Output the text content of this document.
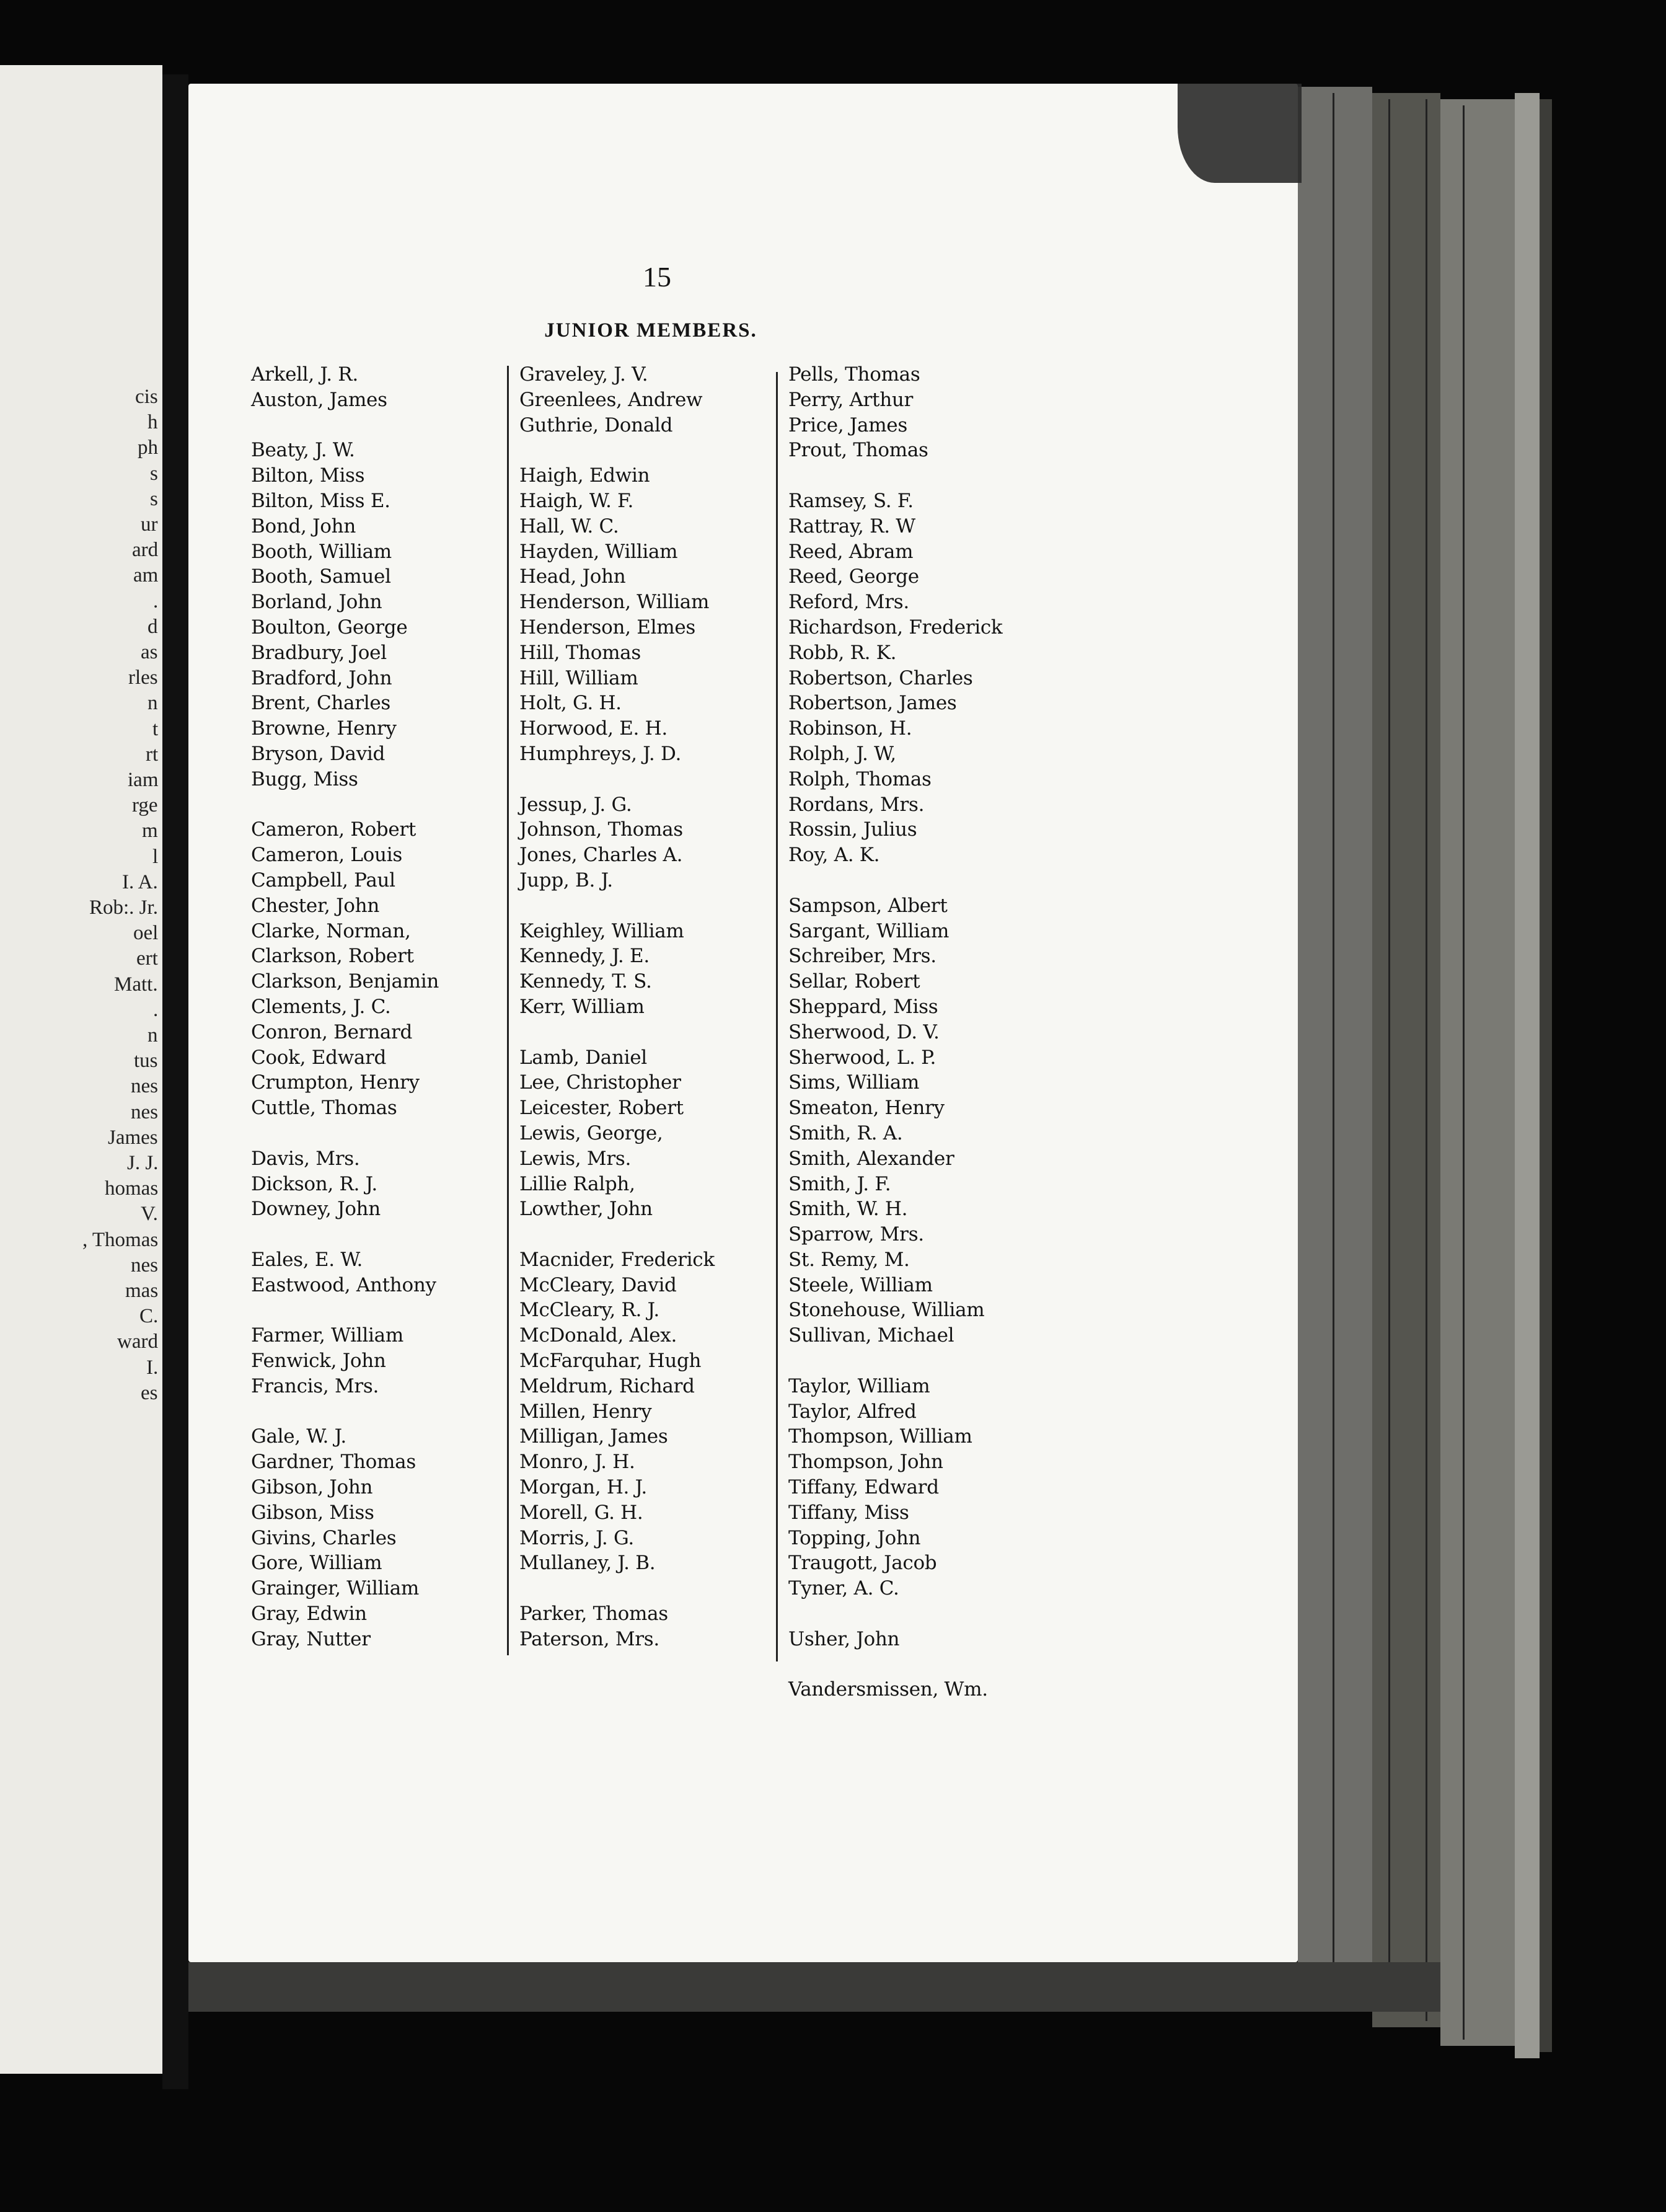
cis
h
ph
s
s
ur
ard
am
.
d
as
rles
n
t
rt
iam
rge
m
l
I. A.
Rob:. Jr.
oel
ert
Matt.
.
n
tus
nes
nes
James
J. J.
homas
V.
, Thomas
nes
mas
C.
ward
I.
es
15
JUNIOR MEMBERS.
Arkell, J. R.
Auston, James
Beaty, J. W.
Bilton, Miss
Bilton, Miss E.
Bond, John
Booth, William
Booth, Samuel
Borland, John
Boulton, George
Bradbury, Joel
Bradford, John
Brent, Charles
Browne, Henry
Bryson, David
Bugg, Miss
Cameron, Robert
Cameron, Louis
Campbell, Paul
Chester, John
Clarke, Norman,
Clarkson, Robert
Clarkson, Benjamin
Clements, J. C.
Conron, Bernard
Cook, Edward
Crumpton, Henry
Cuttle, Thomas
Davis, Mrs.
Dickson, R. J.
Downey, John
Eales, E. W.
Eastwood, Anthony
Farmer, William
Fenwick, John
Francis, Mrs.
Gale, W. J.
Gardner, Thomas
Gibson, John
Gibson, Miss
Givins, Charles
Gore, William
Grainger, William
Gray, Edwin
Gray, Nutter
Graveley, J. V.
Greenlees, Andrew
Guthrie, Donald
Haigh, Edwin
Haigh, W. F.
Hall, W. C.
Hayden, William
Head, John
Henderson, William
Henderson, Elmes
Hill, Thomas
Hill, William
Holt, G. H.
Horwood, E. H.
Humphreys, J. D.
Jessup, J. G.
Johnson, Thomas
Jones, Charles A.
Jupp, B. J.
Keighley, William
Kennedy, J. E.
Kennedy, T. S.
Kerr, William
Lamb, Daniel
Lee, Christopher
Leicester, Robert
Lewis, George,
Lewis, Mrs.
Lillie Ralph,
Lowther, John
Macnider, Frederick
McCleary, David
McCleary, R. J.
McDonald, Alex.
McFarquhar, Hugh
Meldrum, Richard
Millen, Henry
Milligan, James
Monro, J. H.
Morgan, H. J.
Morell, G. H.
Morris, J. G.
Mullaney, J. B.
Parker, Thomas
Paterson, Mrs.
Pells, Thomas
Perry, Arthur
Price, James
Prout, Thomas
Ramsey, S. F.
Rattray, R. W
Reed, Abram
Reed, George
Reford, Mrs.
Richardson, Frederick
Robb, R. K.
Robertson, Charles
Robertson, James
Robinson, H.
Rolph, J. W,
Rolph, Thomas
Rordans, Mrs.
Rossin, Julius
Roy, A. K.
Sampson, Albert
Sargant, William
Schreiber, Mrs.
Sellar, Robert
Sheppard, Miss
Sherwood, D. V.
Sherwood, L. P.
Sims, William
Smeaton, Henry
Smith, R. A.
Smith, Alexander
Smith, J. F.
Smith, W. H.
Sparrow, Mrs.
St. Remy, M.
Steele, William
Stonehouse, William
Sullivan, Michael
Taylor, William
Taylor, Alfred
Thompson, William
Thompson, John
Tiffany, Edward
Tiffany, Miss
Topping, John
Traugott, Jacob
Tyner, A. C.
Usher, John
Vandersmissen, Wm.
